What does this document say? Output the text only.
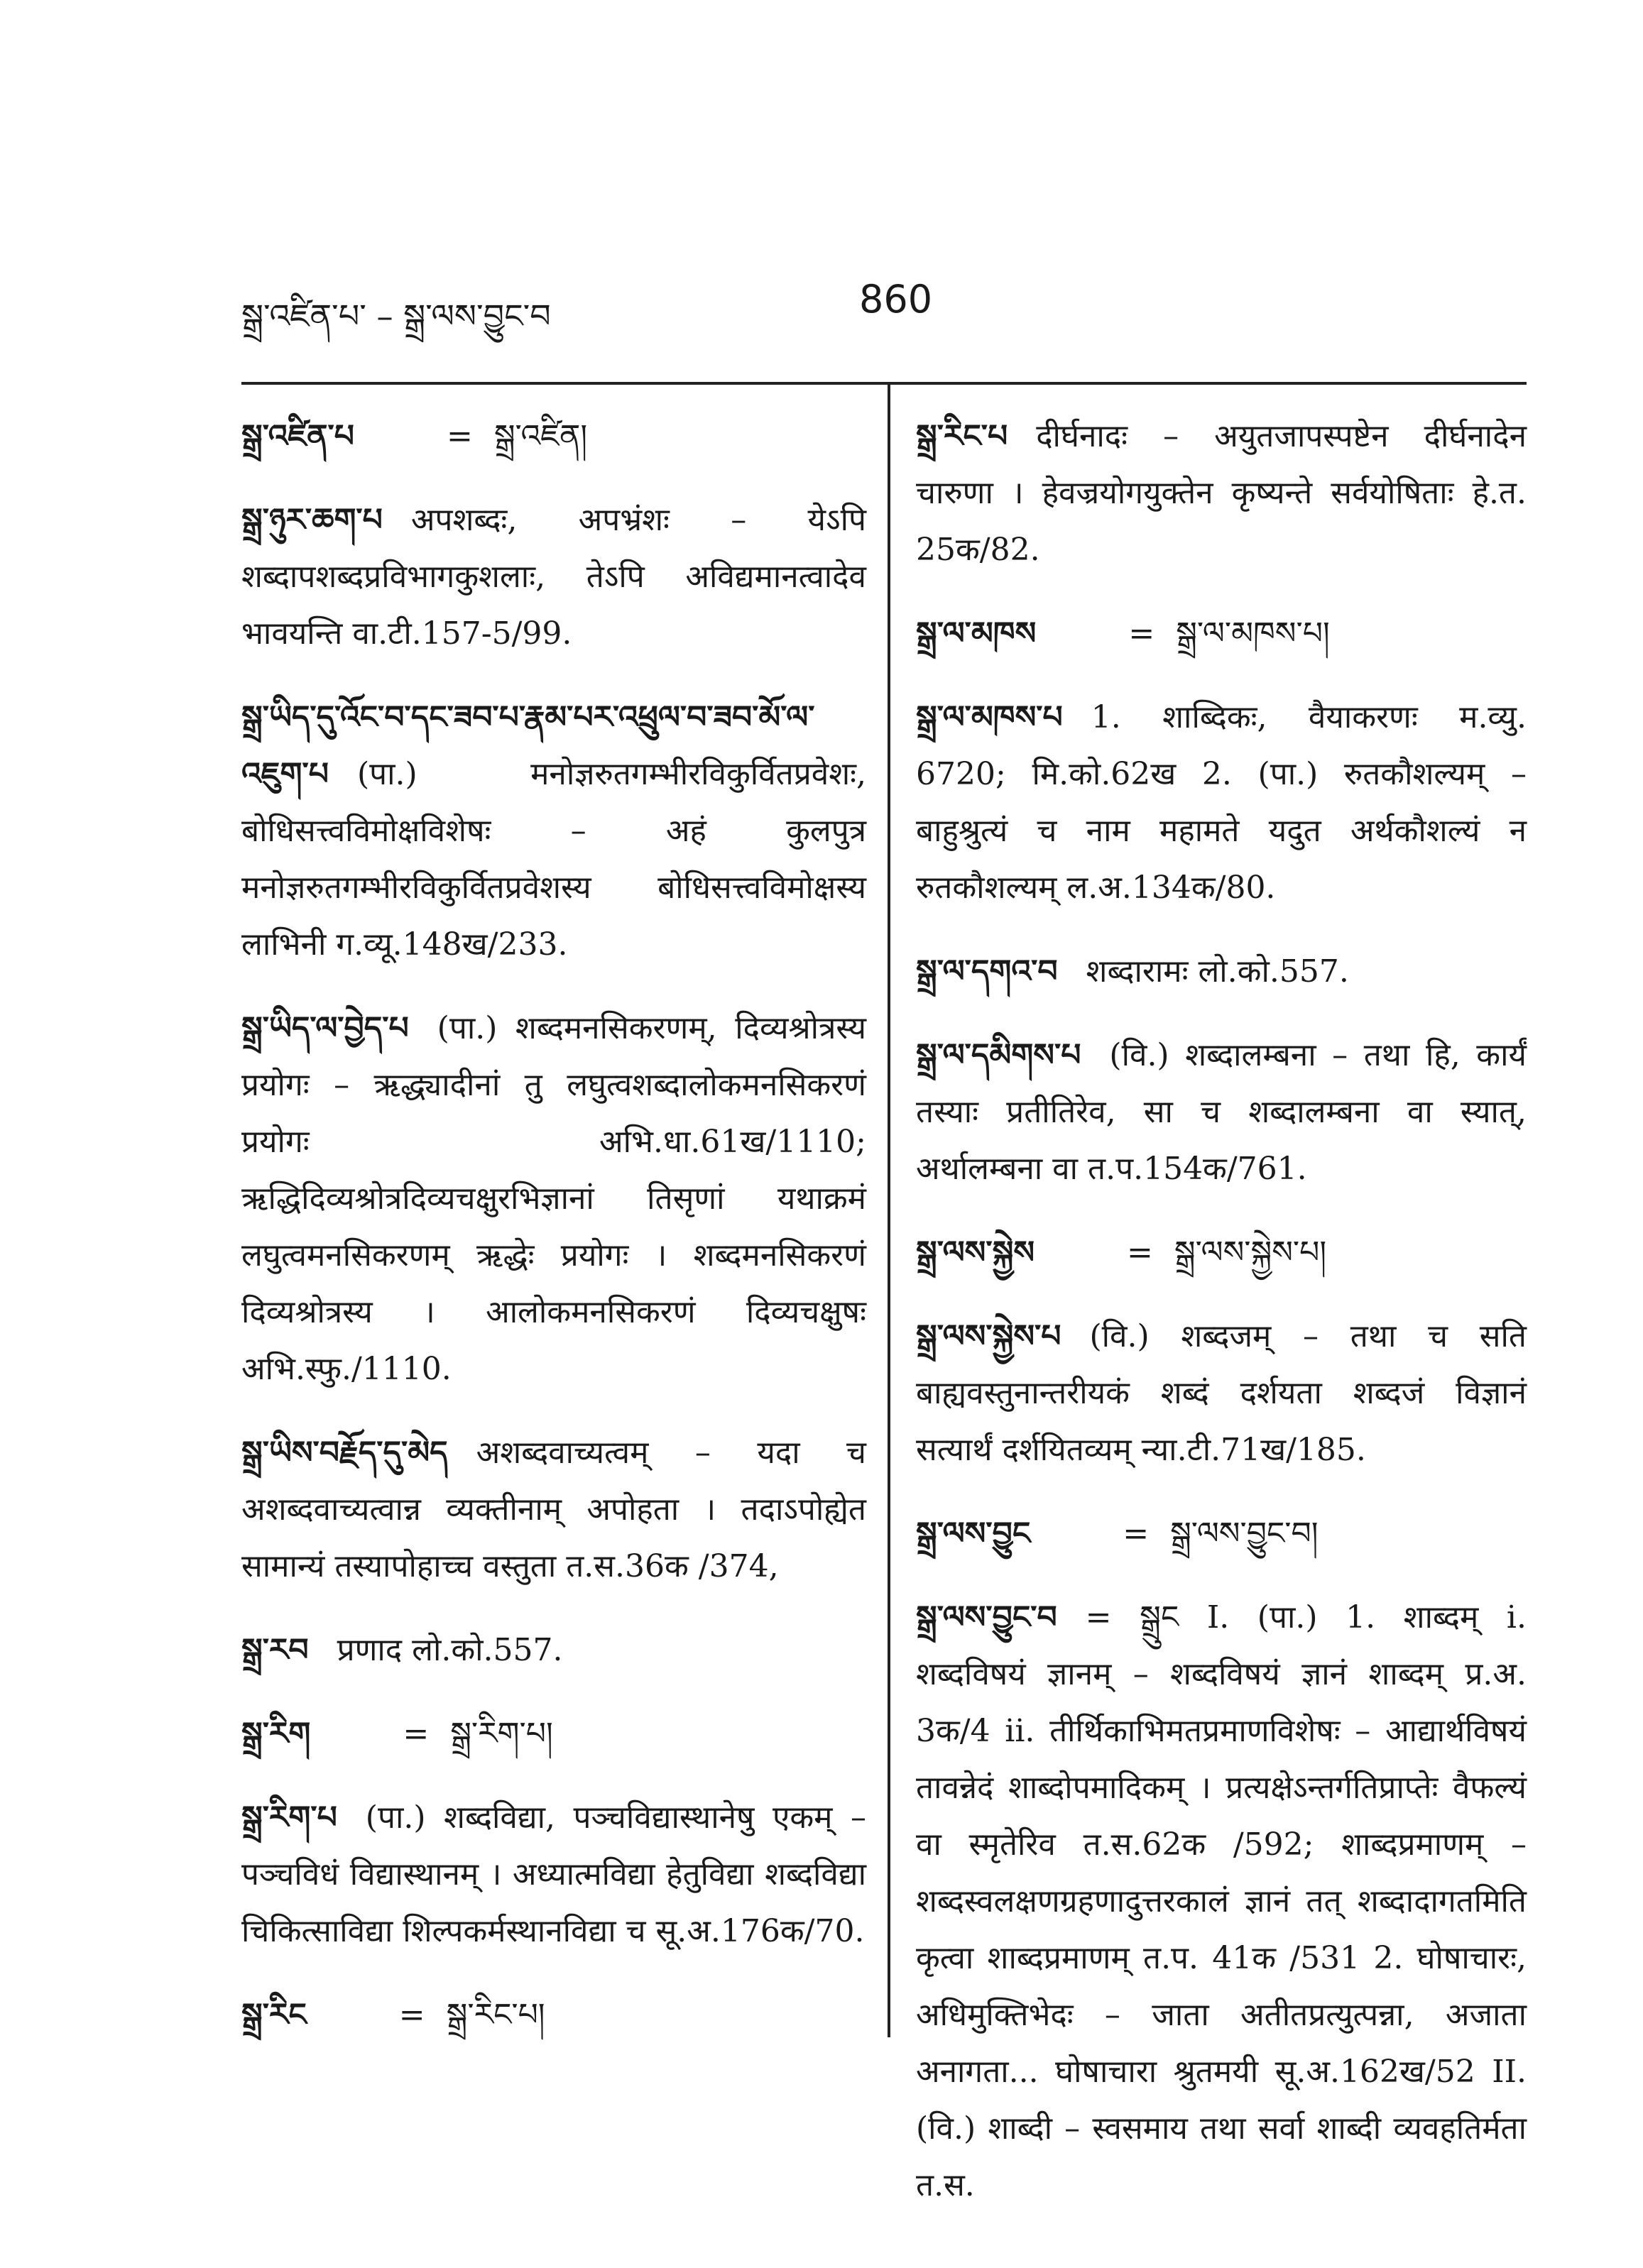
སྒྲ་འཛིན་པ་ – སྒྲ་ལས་བྱུང་བ	860
སྒྲ་འཛིན་པ	= སྒྲ་འཛིན།
སྒྲ་ཉུར་ཆག་པ अपशब्दः, अपभ्रंशः – येऽपि शब्दापशब्दप्रविभागकुशलाः, तेऽपि अविद्यमानत्वादेव भावयन्ति वा.टी.157-5/99.
སྒྲ་ཡིད་དུ་འོང་བ་དང་ཟབ་པ་རྣམ་པར་འཕྲུལ་བ་ཟབ་མོ་ལ་འཇུག་པ (पा.) मनोज्ञरुतगम्भीरविकुर्वितप्रवेशः, बोधिसत्त्वविमोक्षविशेषः – अहं कुलपुत्र मनोज्ञरुतगम्भीरविकुर्वितप्रवेशस्य बोधिसत्त्वविमोक्षस्य लाभिनी ग.व्यू.148ख/233.
སྒྲ་ཡིད་ལ་བྱེད་པ (पा.) शब्दमनसिकरणम्, दिव्यश्रोत्रस्य प्रयोगः – ऋद्ध्यादीनां तु लघुत्वशब्दालोकमनसिकरणं प्रयोगः अभि.धा.61ख/1110; ऋद्धिदिव्यश्रोत्रदिव्यचक्षुरभिज्ञानां तिसृणां यथाक्रमं लघुत्वमनसिकरणम् ऋद्धेः प्रयोगः । शब्दमनसिकरणं दिव्यश्रोत्रस्य । आलोकमनसिकरणं दिव्यचक्षुषः अभि.स्फु./1110.
སྒྲ་ཡིས་བརྗོད་དུ་མེད अशब्दवाच्यत्वम् – यदा च अशब्दवाच्यत्वान्न व्यक्तीनाम् अपोहता । तदाऽपोह्येत सामान्यं तस्यापोहाच्च वस्तुता त.स.36क /374,
སྒྲ་རབ प्रणाद लो.को.557.
སྒྲ་རིག	= སྒྲ་རིག་པ།
སྒྲ་རིག་པ (पा.) शब्दविद्या, पञ्चविद्यास्थानेषु एकम् – पञ्चविधं विद्यास्थानम् । अध्यात्मविद्या हेतुविद्या शब्दविद्या चिकित्साविद्या शिल्पकर्मस्थानविद्या च सू.अ.176क/70.
སྒྲ་རིང	= སྒྲ་རིང་པ།
སྒྲ་རིང་པ दीर्घनादः – अयुतजापस्पष्टेन दीर्घनादेन चारुणा । हेवज्रयोगयुक्तेन कृष्यन्ते सर्वयोषिताः हे.त. 25क/82.
སྒྲ་ལ་མཁས	= སྒྲ་ལ་མཁས་པ།
སྒྲ་ལ་མཁས་པ 1. शाब्दिकः, वैयाकरणः म.व्यु. 6720; मि.को.62ख 2. (पा.) रुतकौशल्यम् – बाहुश्रुत्यं च नाम महामते यदुत अर्थकौशल्यं न रुतकौशल्यम् ल.अ.134क/80.
སྒྲ་ལ་དགའ་བ शब्दारामः लो.को.557.
སྒྲ་ལ་དམིགས་པ (वि.) शब्दालम्बना – तथा हि, कार्यं तस्याः प्रतीतिरेव, सा च शब्दालम्बना वा स्यात्, अर्थालम्बना वा त.प.154क/761.
སྒྲ་ལས་སྐྱེས	= སྒྲ་ལས་སྐྱེས་པ།
སྒྲ་ལས་སྐྱེས་པ (वि.) शब्दजम् – तथा च सति बाह्यवस्तुनान्तरीयकं शब्दं दर्शयता शब्दजं विज्ञानं सत्यार्थं दर्शयितव्यम् न्या.टी.71ख/185.
སྒྲ་ལས་བྱུང	= སྒྲ་ལས་བྱུང་བ།
སྒྲ་ལས་བྱུང་བ = སྒྲུང I. (पा.) 1. शाब्दम् i. शब्दविषयं ज्ञानम् – शब्दविषयं ज्ञानं शाब्दम् प्र.अ. 3क/4 ii. तीर्थिकाभिमतप्रमाणविशेषः – आद्यार्थविषयं तावन्नेदं शाब्दोपमादिकम् । प्रत्यक्षेऽन्तर्गतिप्राप्तेः वैफल्यं वा स्मृतेरिव त.स.62क /592; शाब्दप्रमाणम् – शब्दस्वलक्षणग्रहणादुत्तरकालं ज्ञानं तत् शब्दादागतमिति कृत्वा शाब्दप्रमाणम् त.प. 41क /531 2. घोषाचारः, अधिमुक्तिभेदः – जाता अतीतप्रत्युत्पन्ना, अजाता अनागता... घोषाचारा श्रुतमयी सू.अ.162ख/52 II. (वि.) शाब्दी – स्वसमाय तथा सर्वा शाब्दी व्यवहतिर्मता त.स.
